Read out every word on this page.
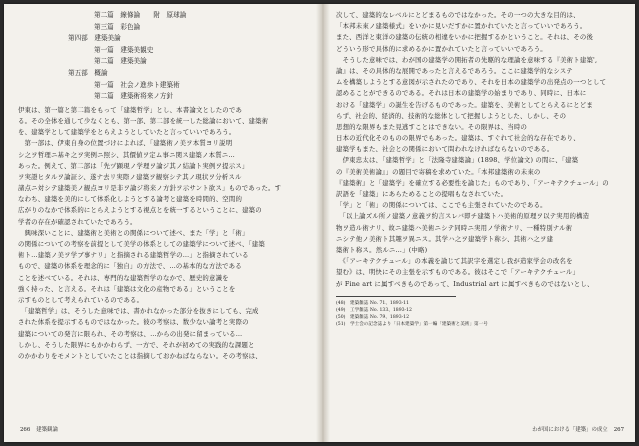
第二篇　線條論　　附　原球論
第三篇　彩色論
第四部　建築美論
第一篇　建築美観史
第二篇　建築美論
第五部　概論
第一篇　社会ノ進歩ト建築術
第二篇　建築術将来ノ方針
伊東は、第一篇と第二篇をもって「建築哲学」とし、本書論文としたのであ
る。その全体を通して少なくとも、第一部、第二部を統一した総論において、建築術
を、建築学として建築学をとらえようとしていたと言っていいであろう。
　第一部は、伊東自身の位置づけによれば、「建築術ノ美ヲ本質ヨリ説明
シ之ヲ哲理ニ基キ之ヲ実例ニ照シ、其價値ヲ定ム事ニ関ス建築ノ本質ニ…
あった。例えて、第二部は「先ヅ顕現ノ学理ヲ論ジ其ノ結論ト実例ヲ提示ス」
ヲ実證ヒタルヲ論証シ、遂ナ去リ実際ノ建築ヲ観察シテ其ノ現状ヲ分析スル
諸点ニ対シテ建築美ノ観点ヨリ是非ヲ論ジ将来ノ方針ヲ示サント欲ス」ものであった。す
なわち、建築を美的にして体系化しようとする論考と建築を時間的、空間的
広がりのなかで体系的にとらえようとする視点とを統一するということに、建築の
学者の存在が確認されていたであろう。
　興味深いことに、建築術と美術との関係について述べ、また「学」と「術」
の関係についての考察を前提として美学の体系としての建築学について述べ、「建築
術ト…建築ノ美ヲ学ブ事ナリ」と指摘される建築哲学の…」と指摘されている
もので、建築の体系を理念的に「独自」の方法で、…の基本的な方法である
ことを述べている。それは、専門的な建築哲学のなかで、歴史的意識を
強く持った、と言える。それは「建築は文化の産物である」ということを
示すものとして考えられているのである。
　「建築哲学」は、そうした意味では、書かれなかった部分を抜きにしても、完成
された体系を提示するものではなかった。彼の考察は、数少ない論考と実際の
建築についての発言に限られ、その考察は、…からの出発に留まっている…
しかし、そうした限界にもかかわらず、一方で、それが初めての実践的な課題と
のかかわりをモメントとしていたことは指摘しておかねばならない。その考察は、
次して、建築的なレベルにとどまるものではなかった。その一つの大きな目的は、
「本邦未來ノ建築様式」をいかに見いだすかに置かれていたと言っていいであろう。
また、西洋と東洋の建築の伝統の相違をいかに把握するかということ。それは、その後
どういう形で具体的に求めるかに置かれていたと言っていいであろう。
　そうした意味では、わが国の建築学の開拓者の先駆的な理論を意味する『美術ト建築',
論』は、その具体的な展開であったと言えるであろう。ここに建築学的なシステ
ムを構築しようとする意図が示されたのであり、それを日本の建築学の出発点の一つとして
認めることができるのである。それは日本の建築学の始まりであり、同時に、日本に
おける「建築学」の誕生を告げるものであった。建築を、美術としてとらえるにとどま
らず、社会的、経済的、技術的な総体として把握しようとした、しかし、その
思想的な限界もまた見逃すことはできない。その限界は、当時の
日本の近代化そのものの限界でもあった。建築は、すぐれて社会的な存在であり、
建築学もまた、社会との関係において問われなければならないのである。
　伊東忠太は、「建築哲学」と「法隆寺建築論」(1898、学位論文) の間に、「建築
の『美術美術論』」の題目で寄稿を求めていた。「本邦建築術の未來の
『建築術』と「建築学」を確立する必要性を論じた」ものであり、「アーキテクチュール」の
訳語を「建築」にあらためることの提唱もなされていた。
「学」と「術」の関係については、ここでも主張されていたのである。
　「以上論ズル所ノ建築ノ意義ヲ約言スレバ即チ建築トハ美術的原理ヲ以テ実用的構造
物ヲ造ル術ナリ、故ニ建築ハ美術ニシテ同時ニ実用ノ学術ナリ、一種特別ナル術
ニシテ他ノ美術ト其趣ヲ異ニス。其学ハ之ヲ建築学ト称シ、其術ハ之ヲ建
築術ト称ス。然ルニ…」(中略)
　《「アーキテクチュール」の本義を論じて其訳字を選定し我が造家学会の改名を
望む》は、明快にその主張を示すものである。彼はそこで「アーキテクチュール」
が Fine art に属すべきものであって、Industrial art に属すべきものではないとし、
(48)　建築雑誌 No. 71、1893-11
(49)　工学雑誌 No. 133、1893-12
(50)　建築雑誌 No. 79、1893-12
(51)　学士会の記念誌より「日本建築学」第一編「建築術と美術」第一号
266 建築観論	わが国における「建築」の成立 267
